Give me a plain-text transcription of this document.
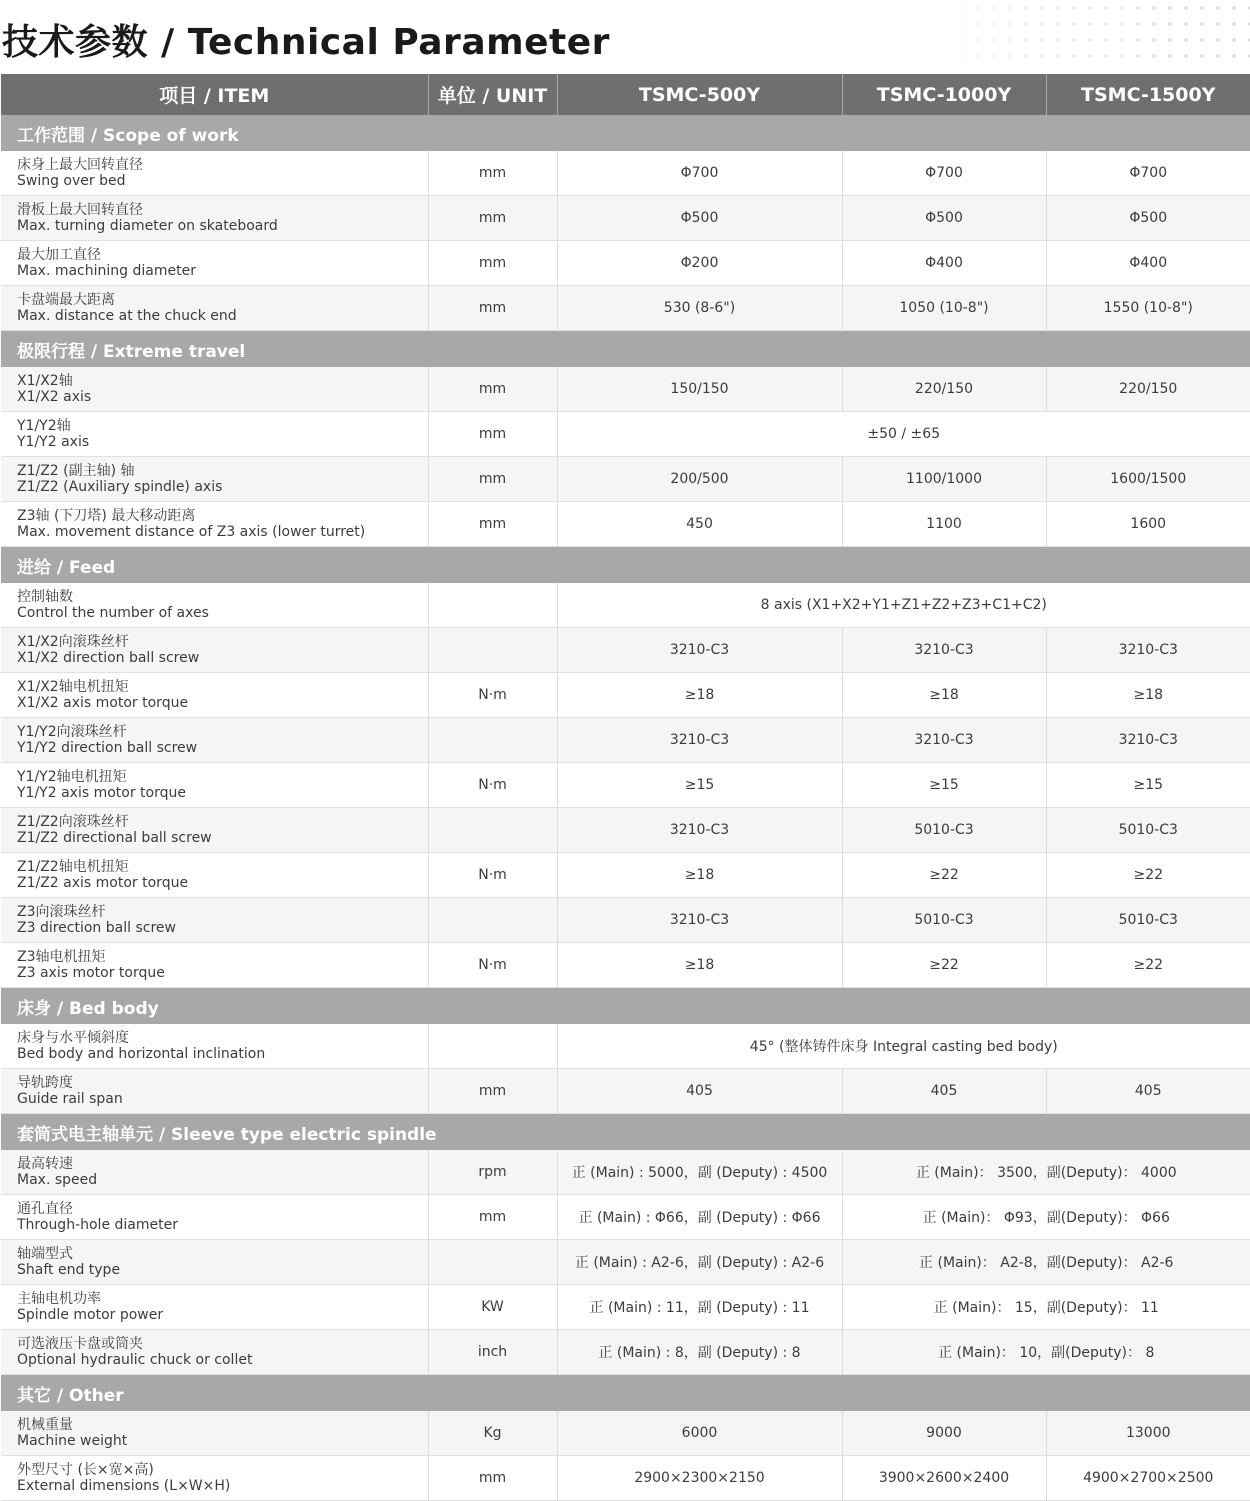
技术参数 / Technical Parameter
项目 / ITEM	单位 / UNIT	TSMC-500Y	TSMC-1000Y	TSMC-1500Y
工作范围 / Scope of work				

床身上最大回转直径
Swing over bed	mm	Φ700	Φ700	Φ700

滑板上最大回转直径
Max. turning diameter on skateboard	mm	Φ500	Φ500	Φ500

最大加工直径
Max. machining diameter	mm	Φ200	Φ400	Φ400

卡盘端最大距离
Max. distance at the chuck end	mm	530 (8-6")	1050 (10-8")	1550 (10-8")
极限行程 / Extreme travel				

X1/X2轴
X1/X2 axis	mm	150/150	220/150	220/150

Y1/Y2轴
Y1/Y2 axis	mm	±50 / ±65		

Z1/Z2 (副主轴) 轴
Z1/Z2 (Auxiliary spindle) axis	mm	200/500	1100/1000	1600/1500

Z3轴 (下刀塔) 最大移动距离
Max. movement distance of Z3 axis (lower turret)	mm	450	1100	1600
进给 / Feed				

控制轴数
Control the number of axes		8 axis (X1+X2+Y1+Z1+Z2+Z3+C1+C2)		

X1/X2向滚珠丝杆
X1/X2 direction ball screw		3210-C3	3210-C3	3210-C3

X1/X2轴电机扭矩
X1/X2 axis motor torque	N·m	≥18	≥18	≥18

Y1/Y2向滚珠丝杆
Y1/Y2 direction ball screw		3210-C3	3210-C3	3210-C3

Y1/Y2轴电机扭矩
Y1/Y2 axis motor torque	N·m	≥15	≥15	≥15

Z1/Z2向滚珠丝杆
Z1/Z2 directional ball screw		3210-C3	5010-C3	5010-C3

Z1/Z2轴电机扭矩
Z1/Z2 axis motor torque	N·m	≥18	≥22	≥22

Z3向滚珠丝杆
Z3 direction ball screw		3210-C3	5010-C3	5010-C3

Z3轴电机扭矩
Z3 axis motor torque	N·m	≥18	≥22	≥22
床身 / Bed body				

床身与水平倾斜度
Bed body and horizontal inclination		45° (整体铸件床身 Integral casting bed body)		

导轨跨度
Guide rail span	mm	405	405	405
套筒式电主轴单元 / Sleeve type electric spindle				

最高转速
Max. speed	rpm	正 (Main) : 5000，副 (Deputy) : 4500	正 (Main)： 3500，副(Deputy)： 4000	

通孔直径
Through-hole diameter	mm	正 (Main) : Φ66，副 (Deputy) : Φ66	正 (Main)： Φ93，副(Deputy)： Φ66	

轴端型式
Shaft end type		正 (Main) : A2-6，副 (Deputy) : A2-6	正 (Main)： A2-8，副(Deputy)： A2-6	

主轴电机功率
Spindle motor power	KW	正 (Main) : 11，副 (Deputy) : 11	正 (Main)： 15，副(Deputy)： 11	

可选液压卡盘或筒夹
Optional hydraulic chuck or collet	inch	正 (Main) : 8，副 (Deputy) : 8	正 (Main)： 10，副(Deputy)： 8	
其它 / Other				

机械重量
Machine weight	Kg	6000	9000	13000

外型尺寸 (长×宽×高)
External dimensions (L×W×H)	mm	2900×2300×2150	3900×2600×2400	4900×2700×2500
